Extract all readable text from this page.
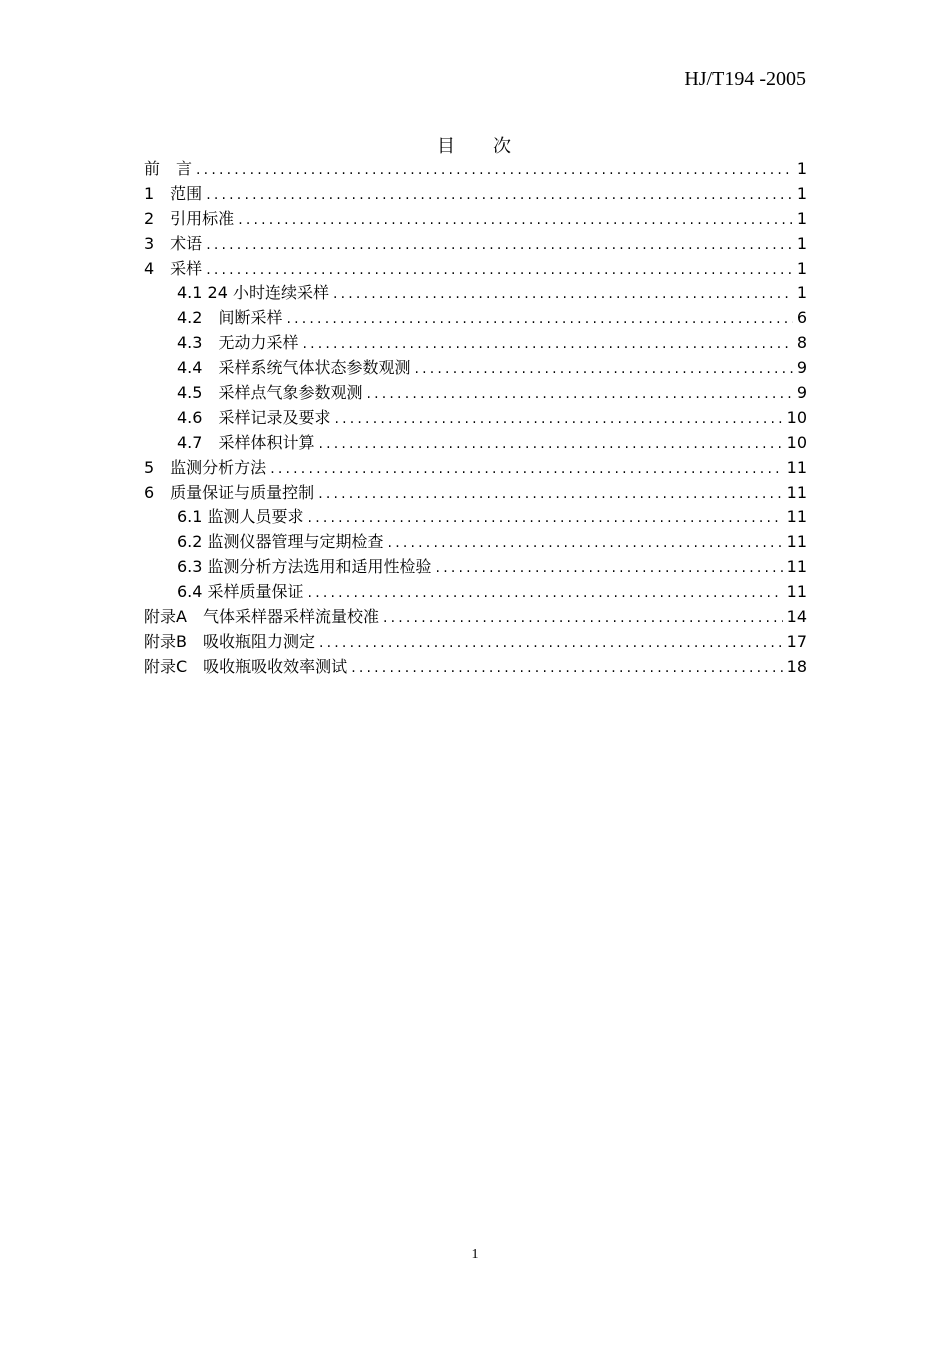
HJ/T194 -2005
目 次
前　言 .....	1
1　范围 .....	1
2　引用标准 .....	1
3　术语 .....	1
4　采样 .....	1
4.1 24 小时连续采样 .....	1
4.2　间断采样 .....	6
4.3　无动力采样 .....	8
4.4　采样系统气体状态参数观测 .....	9
4.5　采样点气象参数观测 .....	9
4.6　采样记录及要求 .....	10
4.7　采样体积计算 .....	10
5　监测分析方法 .....	11
6　质量保证与质量控制 .....	11
6.1 监测人员要求 .....	11
6.2 监测仪器管理与定期检查 .....	11
6.3 监测分析方法选用和适用性检验 .....	11
6.4 采样质量保证 .....	11
附录A　气体采样器采样流量校准 .....	14
附录B　吸收瓶阻力测定 .....	17
附录C　吸收瓶吸收效率测试 .....	18
1
